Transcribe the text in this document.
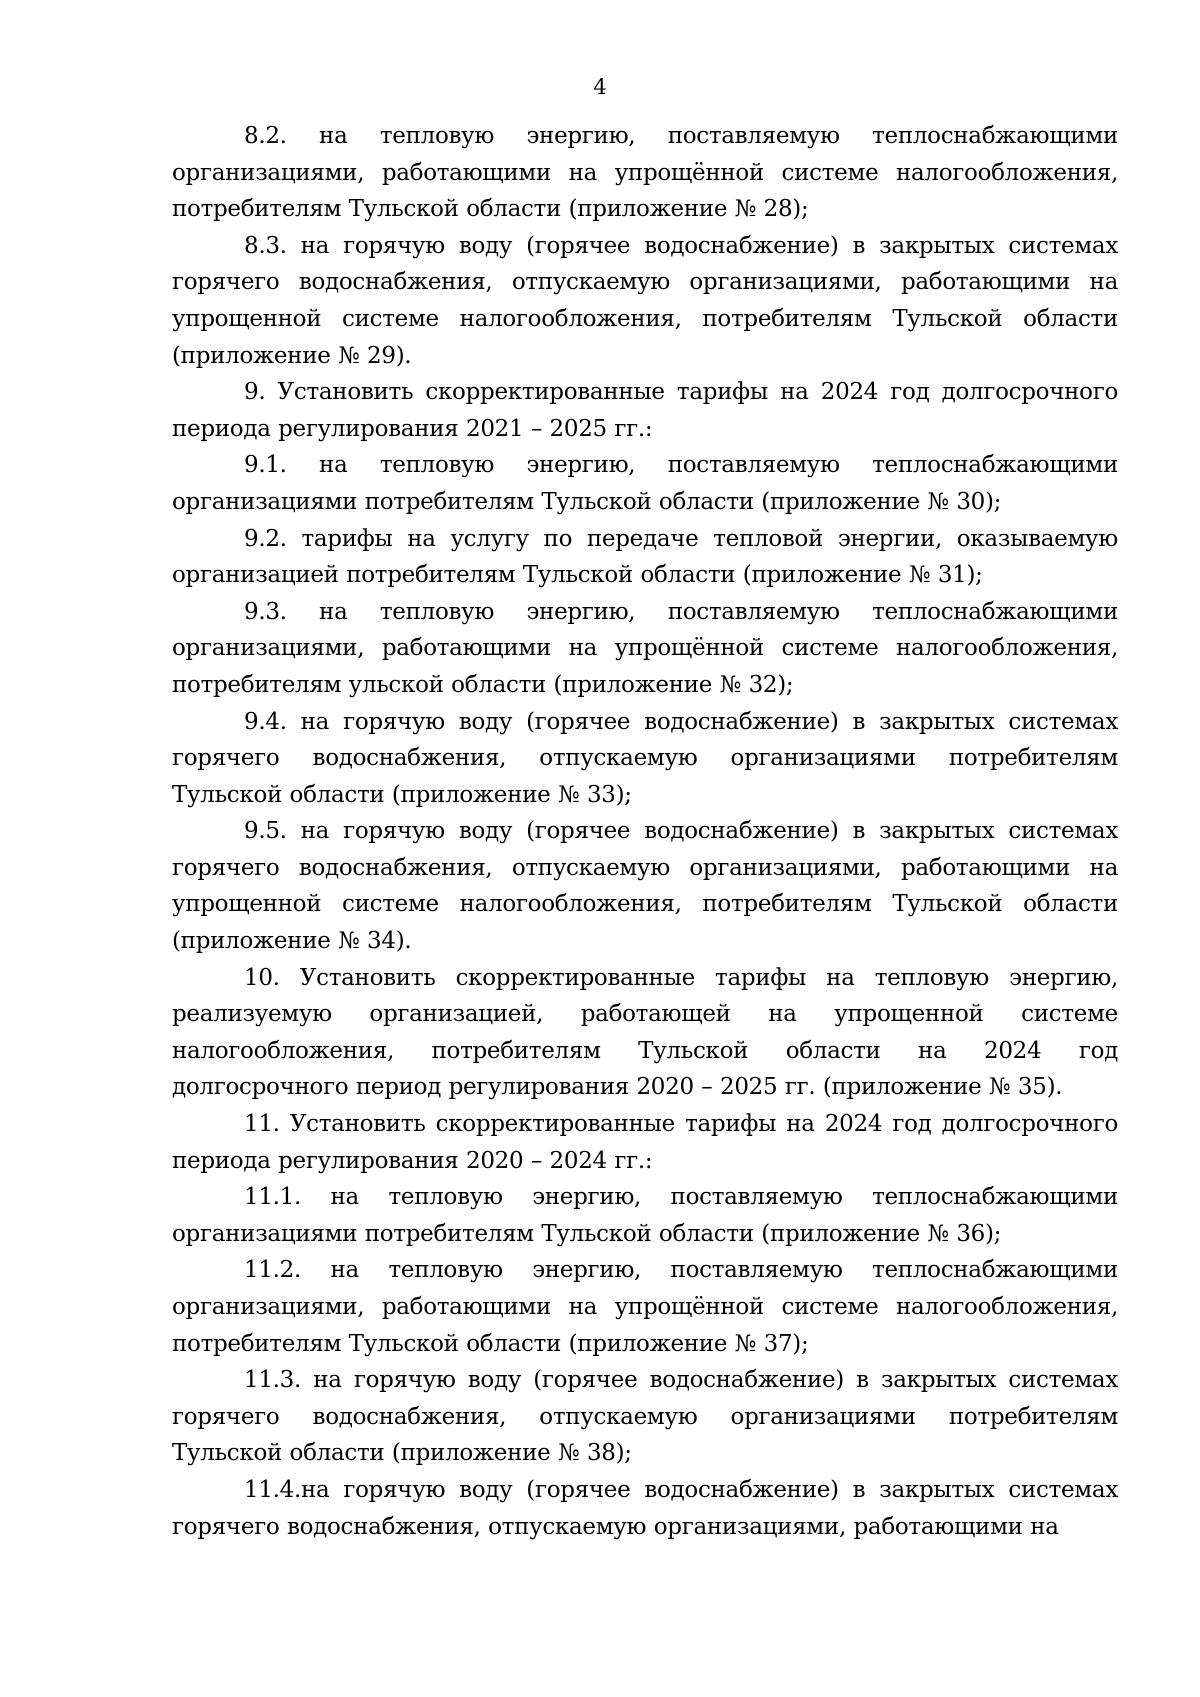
4

8.2. на тепловую энергию, поставляемую теплоснабжающими организациями, работающими на упрощённой системе налогообложения, потребителям Тульской области (приложение № 28);

8.3. на горячую воду (горячее водоснабжение) в закрытых системах горячего водоснабжения, отпускаемую организациями, работающими на упрощенной системе налогообложения, потребителям Тульской области (приложение № 29).

9. Установить скорректированные тарифы на 2024 год долгосрочного периода регулирования 2021 – 2025 гг.:

9.1. на тепловую энергию, поставляемую теплоснабжающими организациями потребителям Тульской области (приложение № 30);

9.2. тарифы на услугу по передаче тепловой энергии, оказываемую организацией потребителям Тульской области (приложение № 31);

9.3. на тепловую энергию, поставляемую теплоснабжающими организациями, работающими на упрощённой системе налогообложения, потребителям ульской области (приложение № 32);

9.4. на горячую воду (горячее водоснабжение) в закрытых системах горячего водоснабжения, отпускаемую организациями потребителям Тульской области (приложение № 33);

9.5. на горячую воду (горячее водоснабжение) в закрытых системах горячего водоснабжения, отпускаемую организациями, работающими на упрощенной системе налогообложения, потребителям Тульской области (приложение № 34).

10. Установить скорректированные тарифы на тепловую энергию, реализуемую организацией, работающей на упрощенной системе налогообложения, потребителям Тульской области на 2024 год долгосрочного период регулирования 2020 – 2025 гг. (приложение № 35).

11. Установить скорректированные тарифы на 2024 год долгосрочного периода регулирования 2020 – 2024 гг.:

11.1. на тепловую энергию, поставляемую теплоснабжающими организациями потребителям Тульской области (приложение № 36);

11.2. на тепловую энергию, поставляемую теплоснабжающими организациями, работающими на упрощённой системе налогообложения, потребителям Тульской области (приложение № 37);

11.3. на горячую воду (горячее водоснабжение) в закрытых системах горячего водоснабжения, отпускаемую организациями потребителям Тульской области (приложение № 38);

11.4.на горячую воду (горячее водоснабжение) в закрытых системах горячего водоснабжения, отпускаемую организациями, работающими на
